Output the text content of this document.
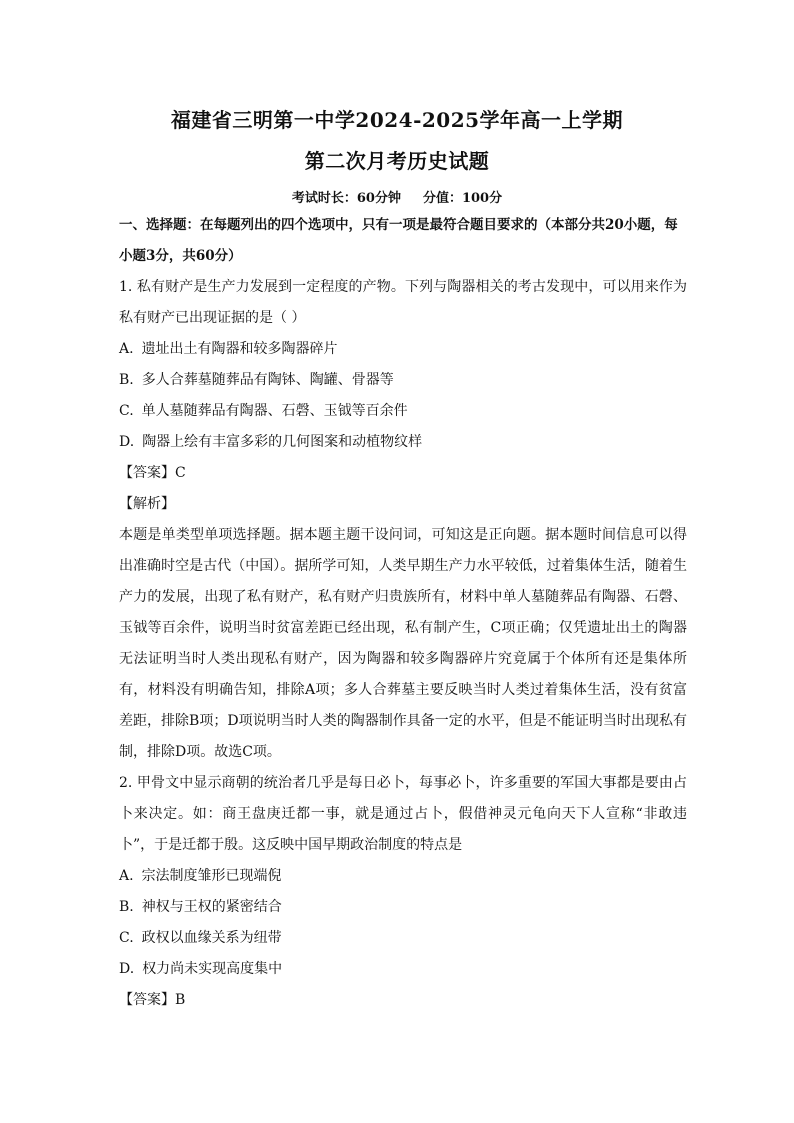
福建省三明第一中学2024-2025学年高一上学期
第二次月考历史试题
考试时长：60分钟 分值：100分

一、选择题：在每题列出的四个选项中，只有一项是最符合题目要求的（本部分共20小题，每小题3分，共60分）

1. 私有财产是生产力发展到一定程度的产物。下列与陶器相关的考古发现中，可以用来作为私有财产已出现证据的是（ ）

A. 遗址出土有陶器和较多陶器碎片

B. 多人合葬墓随葬品有陶钵、陶罐、骨器等

C. 单人墓随葬品有陶器、石磬、玉钺等百余件

D. 陶器上绘有丰富多彩的几何图案和动植物纹样

【答案】C

【解析】

本题是单类型单项选择题。据本题主题干设问词，可知这是正向题。据本题时间信息可以得出准确时空是古代（中国）。据所学可知，人类早期生产力水平较低，过着集体生活，随着生产力的发展，出现了私有财产，私有财产归贵族所有，材料中单人墓随葬品有陶器、石磬、玉钺等百余件，说明当时贫富差距已经出现，私有制产生，C项正确；仅凭遗址出土的陶器无法证明当时人类出现私有财产，因为陶器和较多陶器碎片究竟属于个体所有还是集体所有，材料没有明确告知，排除A项；多人合葬墓主要反映当时人类过着集体生活，没有贫富差距，排除B项；D项说明当时人类的陶器制作具备一定的水平，但是不能证明当时出现私有制，排除D项。故选C项。

2. 甲骨文中显示商朝的统治者几乎是每日必卜，每事必卜，许多重要的军国大事都是要由占卜来决定。如：商王盘庚迁都一事，就是通过占卜，假借神灵元龟向天下人宣称“非敢违卜”，于是迁都于殷。这反映中国早期政治制度的特点是

A. 宗法制度雏形已现端倪

B. 神权与王权的紧密结合

C. 政权以血缘关系为纽带

D. 权力尚未实现高度集中

【答案】B
